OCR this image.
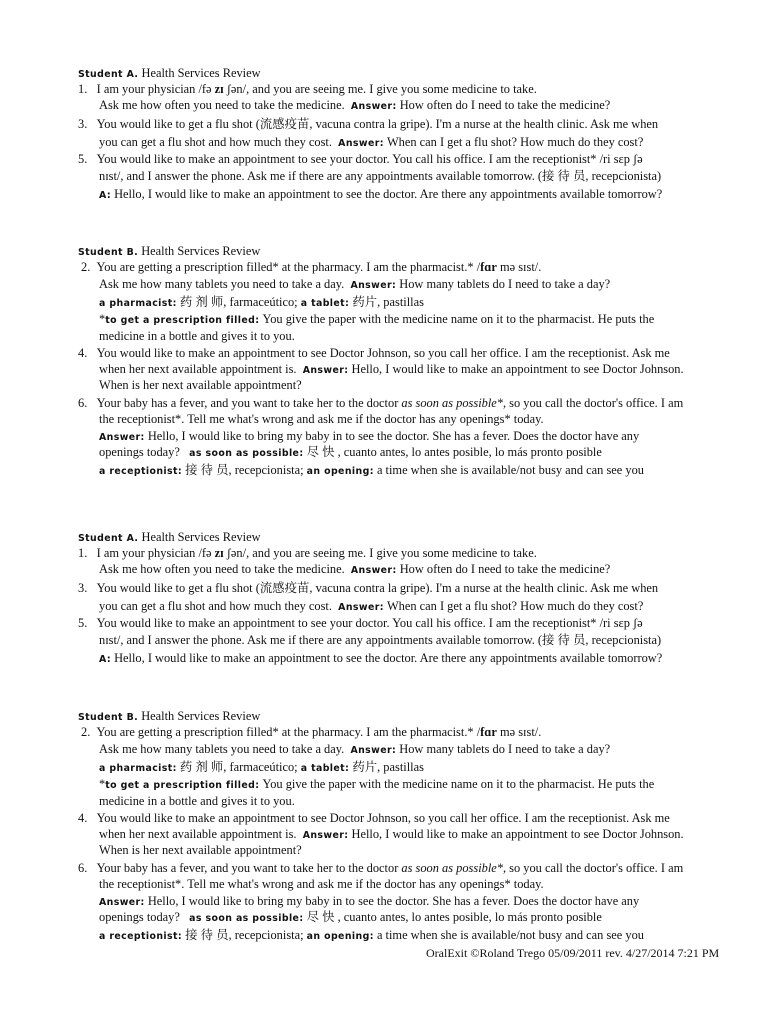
Student A. Health Services Review
1. I am your physician /fə zɪ ʃən/, and you are seeing me. I give you some medicine to take.
Ask me how often you need to take the medicine. Answer: How often do I need to take the medicine?
3. You would like to get a flu shot (流感疫苗, vacuna contra la gripe). I'm a nurse at the health clinic. Ask me when
you can get a flu shot and how much they cost. Answer: When can I get a flu shot? How much do they cost?
5. You would like to make an appointment to see your doctor. You call his office. I am the receptionist* /ri sɛp ʃə
nɪst/, and I answer the phone. Ask me if there are any appointments available tomorrow. (接 待 员, recepcionista)
A: Hello, I would like to make an appointment to see the doctor. Are there any appointments available tomorrow?
Student B. Health Services Review
2. You are getting a prescription filled* at the pharmacy. I am the pharmacist.* /fɑr mə sɪst/.
Ask me how many tablets you need to take a day. Answer: How many tablets do I need to take a day?
a pharmacist: 药 剂 师, farmaceútico; a tablet: 药片, pastillas
*to get a prescription filled: You give the paper with the medicine name on it to the pharmacist. He puts the
medicine in a bottle and gives it to you.
4. You would like to make an appointment to see Doctor Johnson, so you call her office. I am the receptionist. Ask me
when her next available appointment is. Answer: Hello, I would like to make an appointment to see Doctor Johnson.
When is her next available appointment?
6. Your baby has a fever, and you want to take her to the doctor as soon as possible*, so you call the doctor's office. I am
the receptionist*. Tell me what's wrong and ask me if the doctor has any openings* today.
Answer: Hello, I would like to bring my baby in to see the doctor. She has a fever. Does the doctor have any
openings today? as soon as possible: 尽 快 , cuanto antes, lo antes posible, lo más pronto posible
a receptionist: 接 待 员, recepcionista; an opening: a time when she is available/not busy and can see you
Student A. Health Services Review
1. I am your physician /fə zɪ ʃən/, and you are seeing me. I give you some medicine to take.
Ask me how often you need to take the medicine. Answer: How often do I need to take the medicine?
3. You would like to get a flu shot (流感疫苗, vacuna contra la gripe). I'm a nurse at the health clinic. Ask me when
you can get a flu shot and how much they cost. Answer: When can I get a flu shot? How much do they cost?
5. You would like to make an appointment to see your doctor. You call his office. I am the receptionist* /ri sɛp ʃə
nɪst/, and I answer the phone. Ask me if there are any appointments available tomorrow. (接 待 员, recepcionista)
A: Hello, I would like to make an appointment to see the doctor. Are there any appointments available tomorrow?
Student B. Health Services Review
2. You are getting a prescription filled* at the pharmacy. I am the pharmacist.* /fɑr mə sɪst/.
Ask me how many tablets you need to take a day. Answer: How many tablets do I need to take a day?
a pharmacist: 药 剂 师, farmaceútico; a tablet: 药片, pastillas
*to get a prescription filled: You give the paper with the medicine name on it to the pharmacist. He puts the
medicine in a bottle and gives it to you.
4. You would like to make an appointment to see Doctor Johnson, so you call her office. I am the receptionist. Ask me
when her next available appointment is. Answer: Hello, I would like to make an appointment to see Doctor Johnson.
When is her next available appointment?
6. Your baby has a fever, and you want to take her to the doctor as soon as possible*, so you call the doctor's office. I am
the receptionist*. Tell me what's wrong and ask me if the doctor has any openings* today.
Answer: Hello, I would like to bring my baby in to see the doctor. She has a fever. Does the doctor have any
openings today? as soon as possible: 尽 快 , cuanto antes, lo antes posible, lo más pronto posible
a receptionist: 接 待 员, recepcionista; an opening: a time when she is available/not busy and can see you
OralExit ©Roland Trego 05/09/2011 rev. 4/27/2014 7:21 PM
